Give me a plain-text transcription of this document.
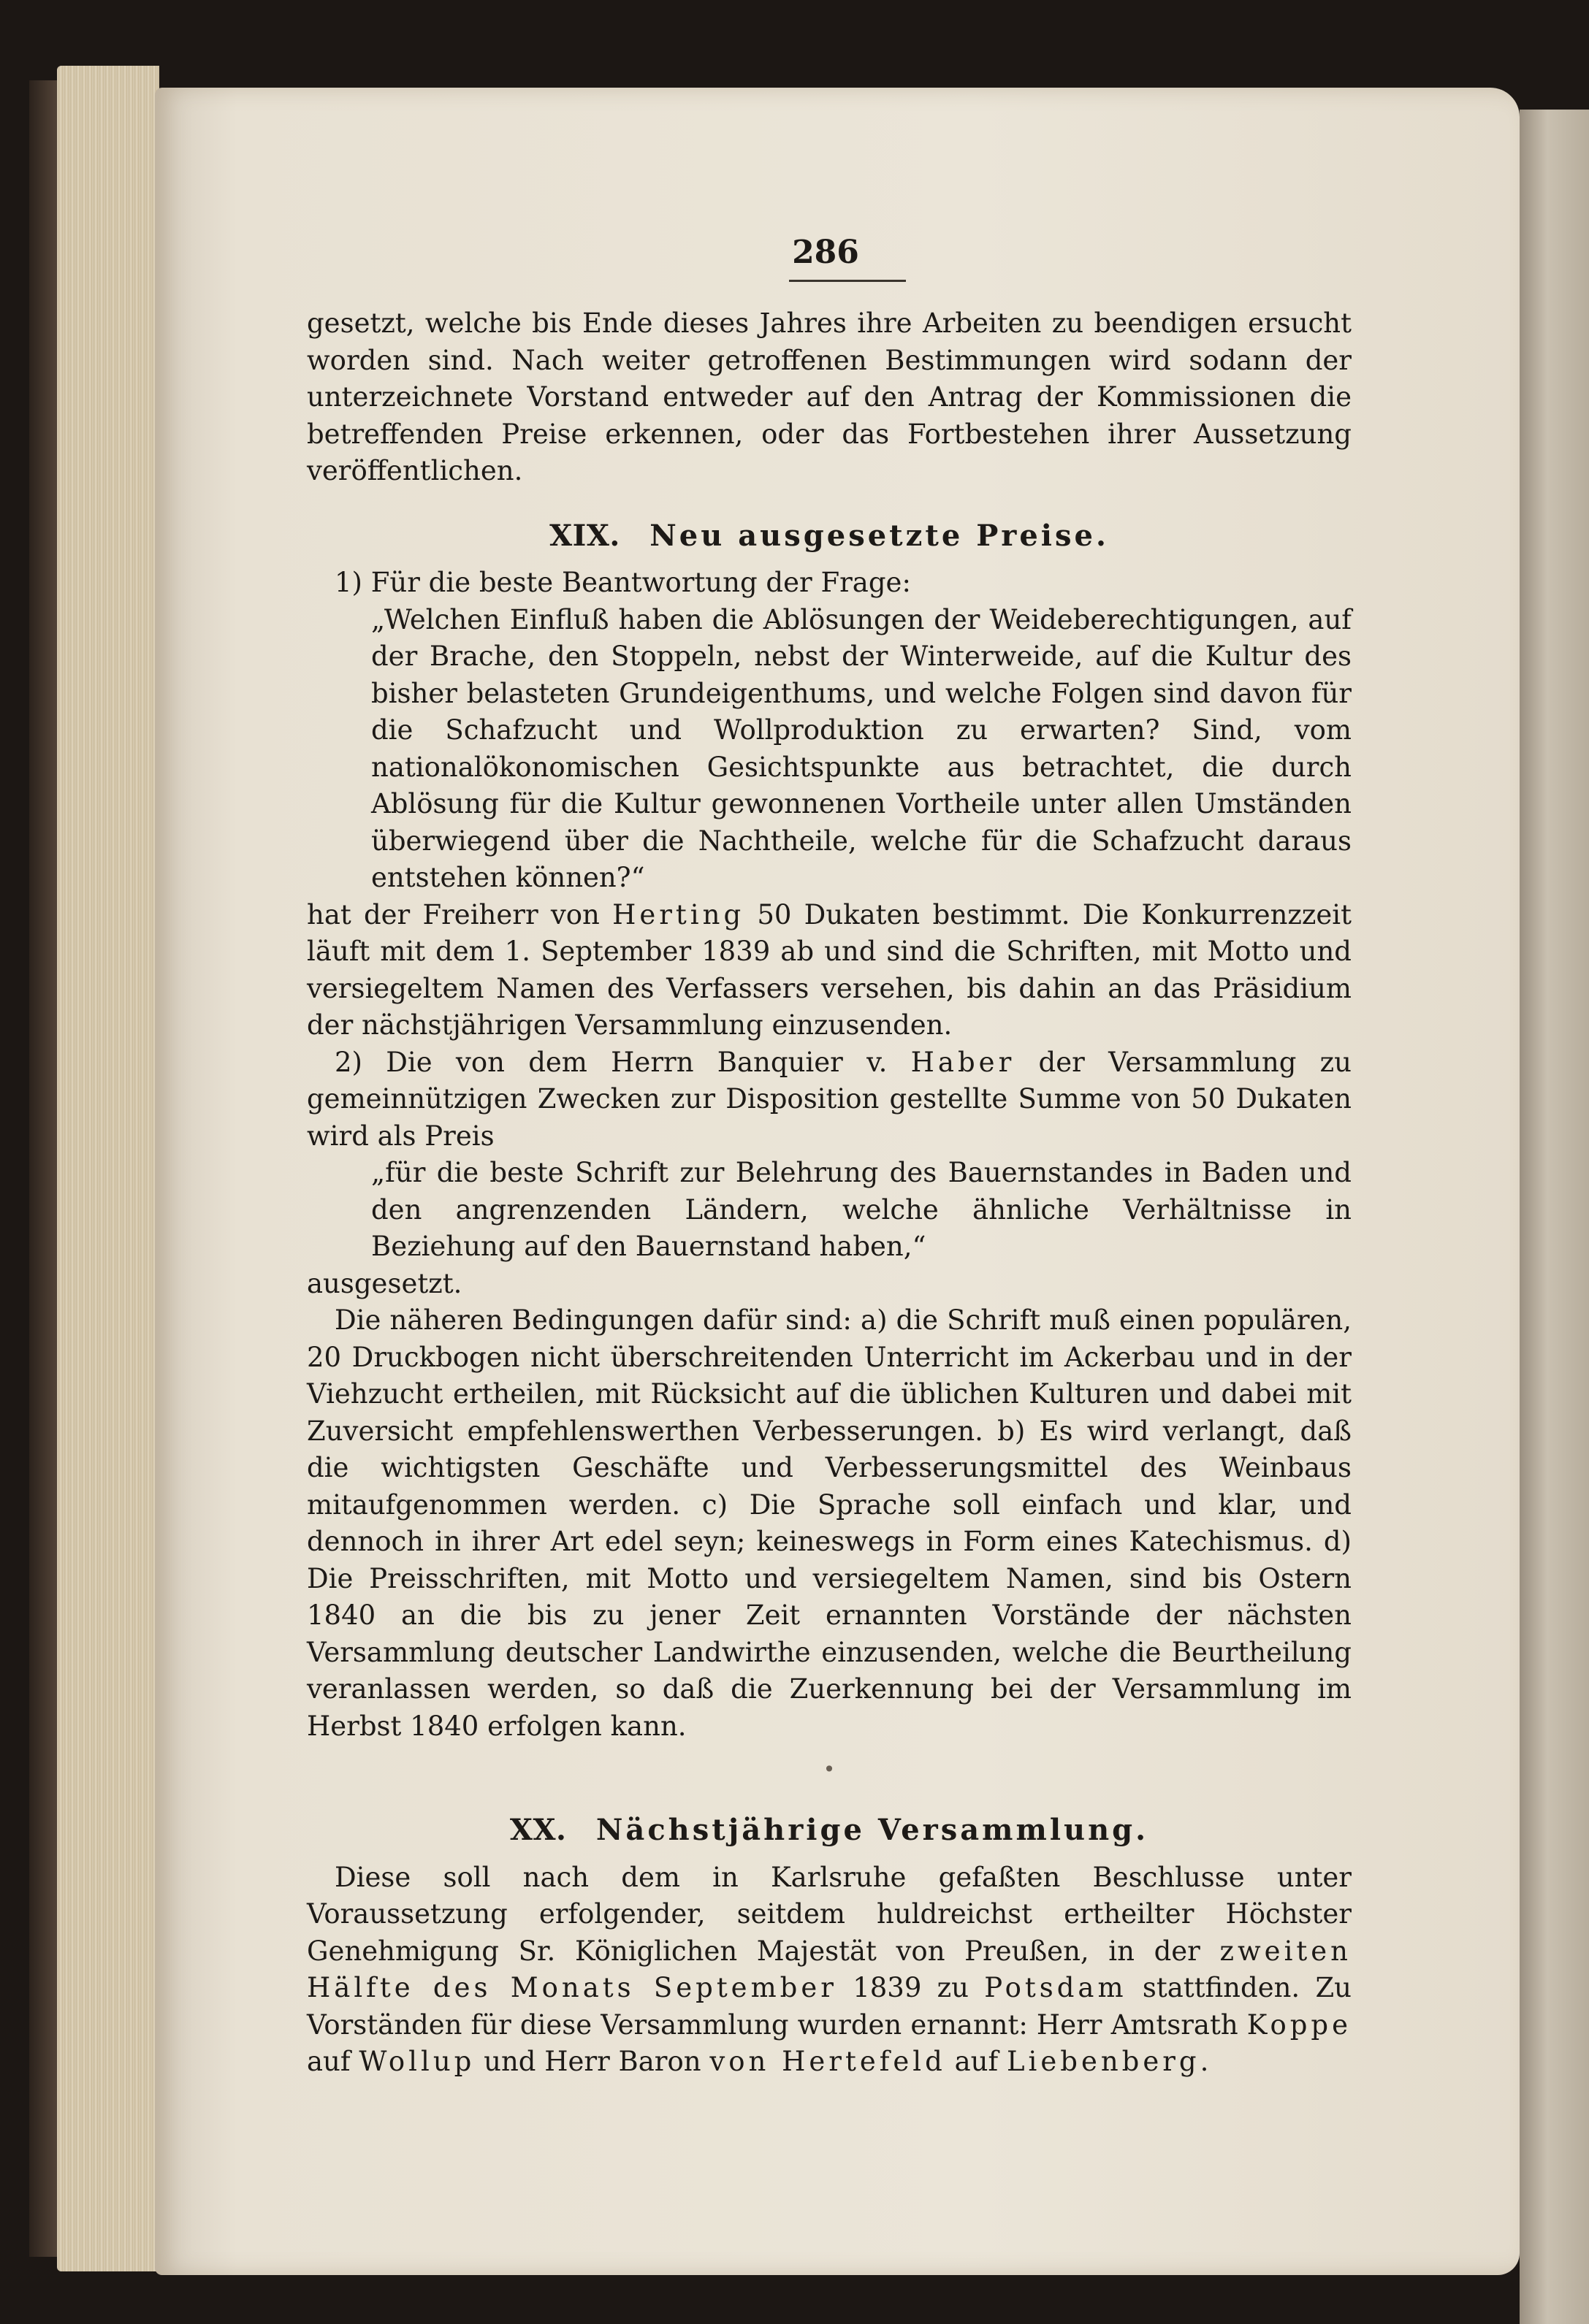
286

gesetzt, welche bis Ende dieses Jahres ihre Arbeiten zu beendigen ersucht worden sind. Nach weiter getroffenen Bestimmungen wird sodann der unterzeichnete Vorstand entweder auf den Antrag der Kommissionen die betreffenden Preise erkennen, oder das Fortbestehen ihrer Aussetzung veröffentlichen.

XIX. Neu ausgesetzte Preise.

1) Für die beste Beantwortung der Frage:

„Welchen Einfluß haben die Ablösungen der Weideberechtigungen, auf der Brache, den Stoppeln, nebst der Winterweide, auf die Kultur des bisher belasteten Grundeigenthums, und welche Folgen sind davon für die Schafzucht und Wollproduktion zu erwarten? Sind, vom nationalökonomischen Gesichtspunkte aus betrachtet, die durch Ablösung für die Kultur gewonnenen Vortheile unter allen Umständen überwiegend über die Nachtheile, welche für die Schafzucht daraus entstehen können?“

hat der Freiherr von Herting 50 Dukaten bestimmt. Die Konkurrenzzeit läuft mit dem 1. September 1839 ab und sind die Schriften, mit Motto und versiegeltem Namen des Verfassers versehen, bis dahin an das Präsidium der nächstjährigen Versammlung einzusenden.

2) Die von dem Herrn Banquier v. Haber der Versammlung zu gemeinnützigen Zwecken zur Disposition gestellte Summe von 50 Dukaten wird als Preis

„für die beste Schrift zur Belehrung des Bauernstandes in Baden und den angrenzenden Ländern, welche ähnliche Verhältnisse in Beziehung auf den Bauernstand haben,“

ausgesetzt.

Die näheren Bedingungen dafür sind: a) die Schrift muß einen populären, 20 Druckbogen nicht überschreitenden Unterricht im Ackerbau und in der Viehzucht ertheilen, mit Rücksicht auf die üblichen Kulturen und dabei mit Zuversicht empfehlenswerthen Verbesserungen. b) Es wird verlangt, daß die wichtigsten Geschäfte und Verbesserungsmittel des Weinbaus mitaufgenommen werden. c) Die Sprache soll einfach und klar, und dennoch in ihrer Art edel seyn; keineswegs in Form eines Katechismus. d) Die Preisschriften, mit Motto und versiegeltem Namen, sind bis Ostern 1840 an die bis zu jener Zeit ernannten Vorstände der nächsten Versammlung deutscher Landwirthe einzusenden, welche die Beurtheilung veranlassen werden, so daß die Zuerkennung bei der Versammlung im Herbst 1840 erfolgen kann.

•
XX. Nächstjährige Versammlung.

Diese soll nach dem in Karlsruhe gefaßten Beschlusse unter Voraussetzung erfolgender, seitdem huldreichst ertheilter Höchster Genehmigung Sr. Königlichen Majestät von Preußen, in der zweiten Hälfte des Monats September 1839 zu Potsdam stattfinden. Zu Vorständen für diese Versammlung wurden ernannt: Herr Amtsrath Koppe auf Wollup und Herr Baron von Hertefeld auf Liebenberg.
